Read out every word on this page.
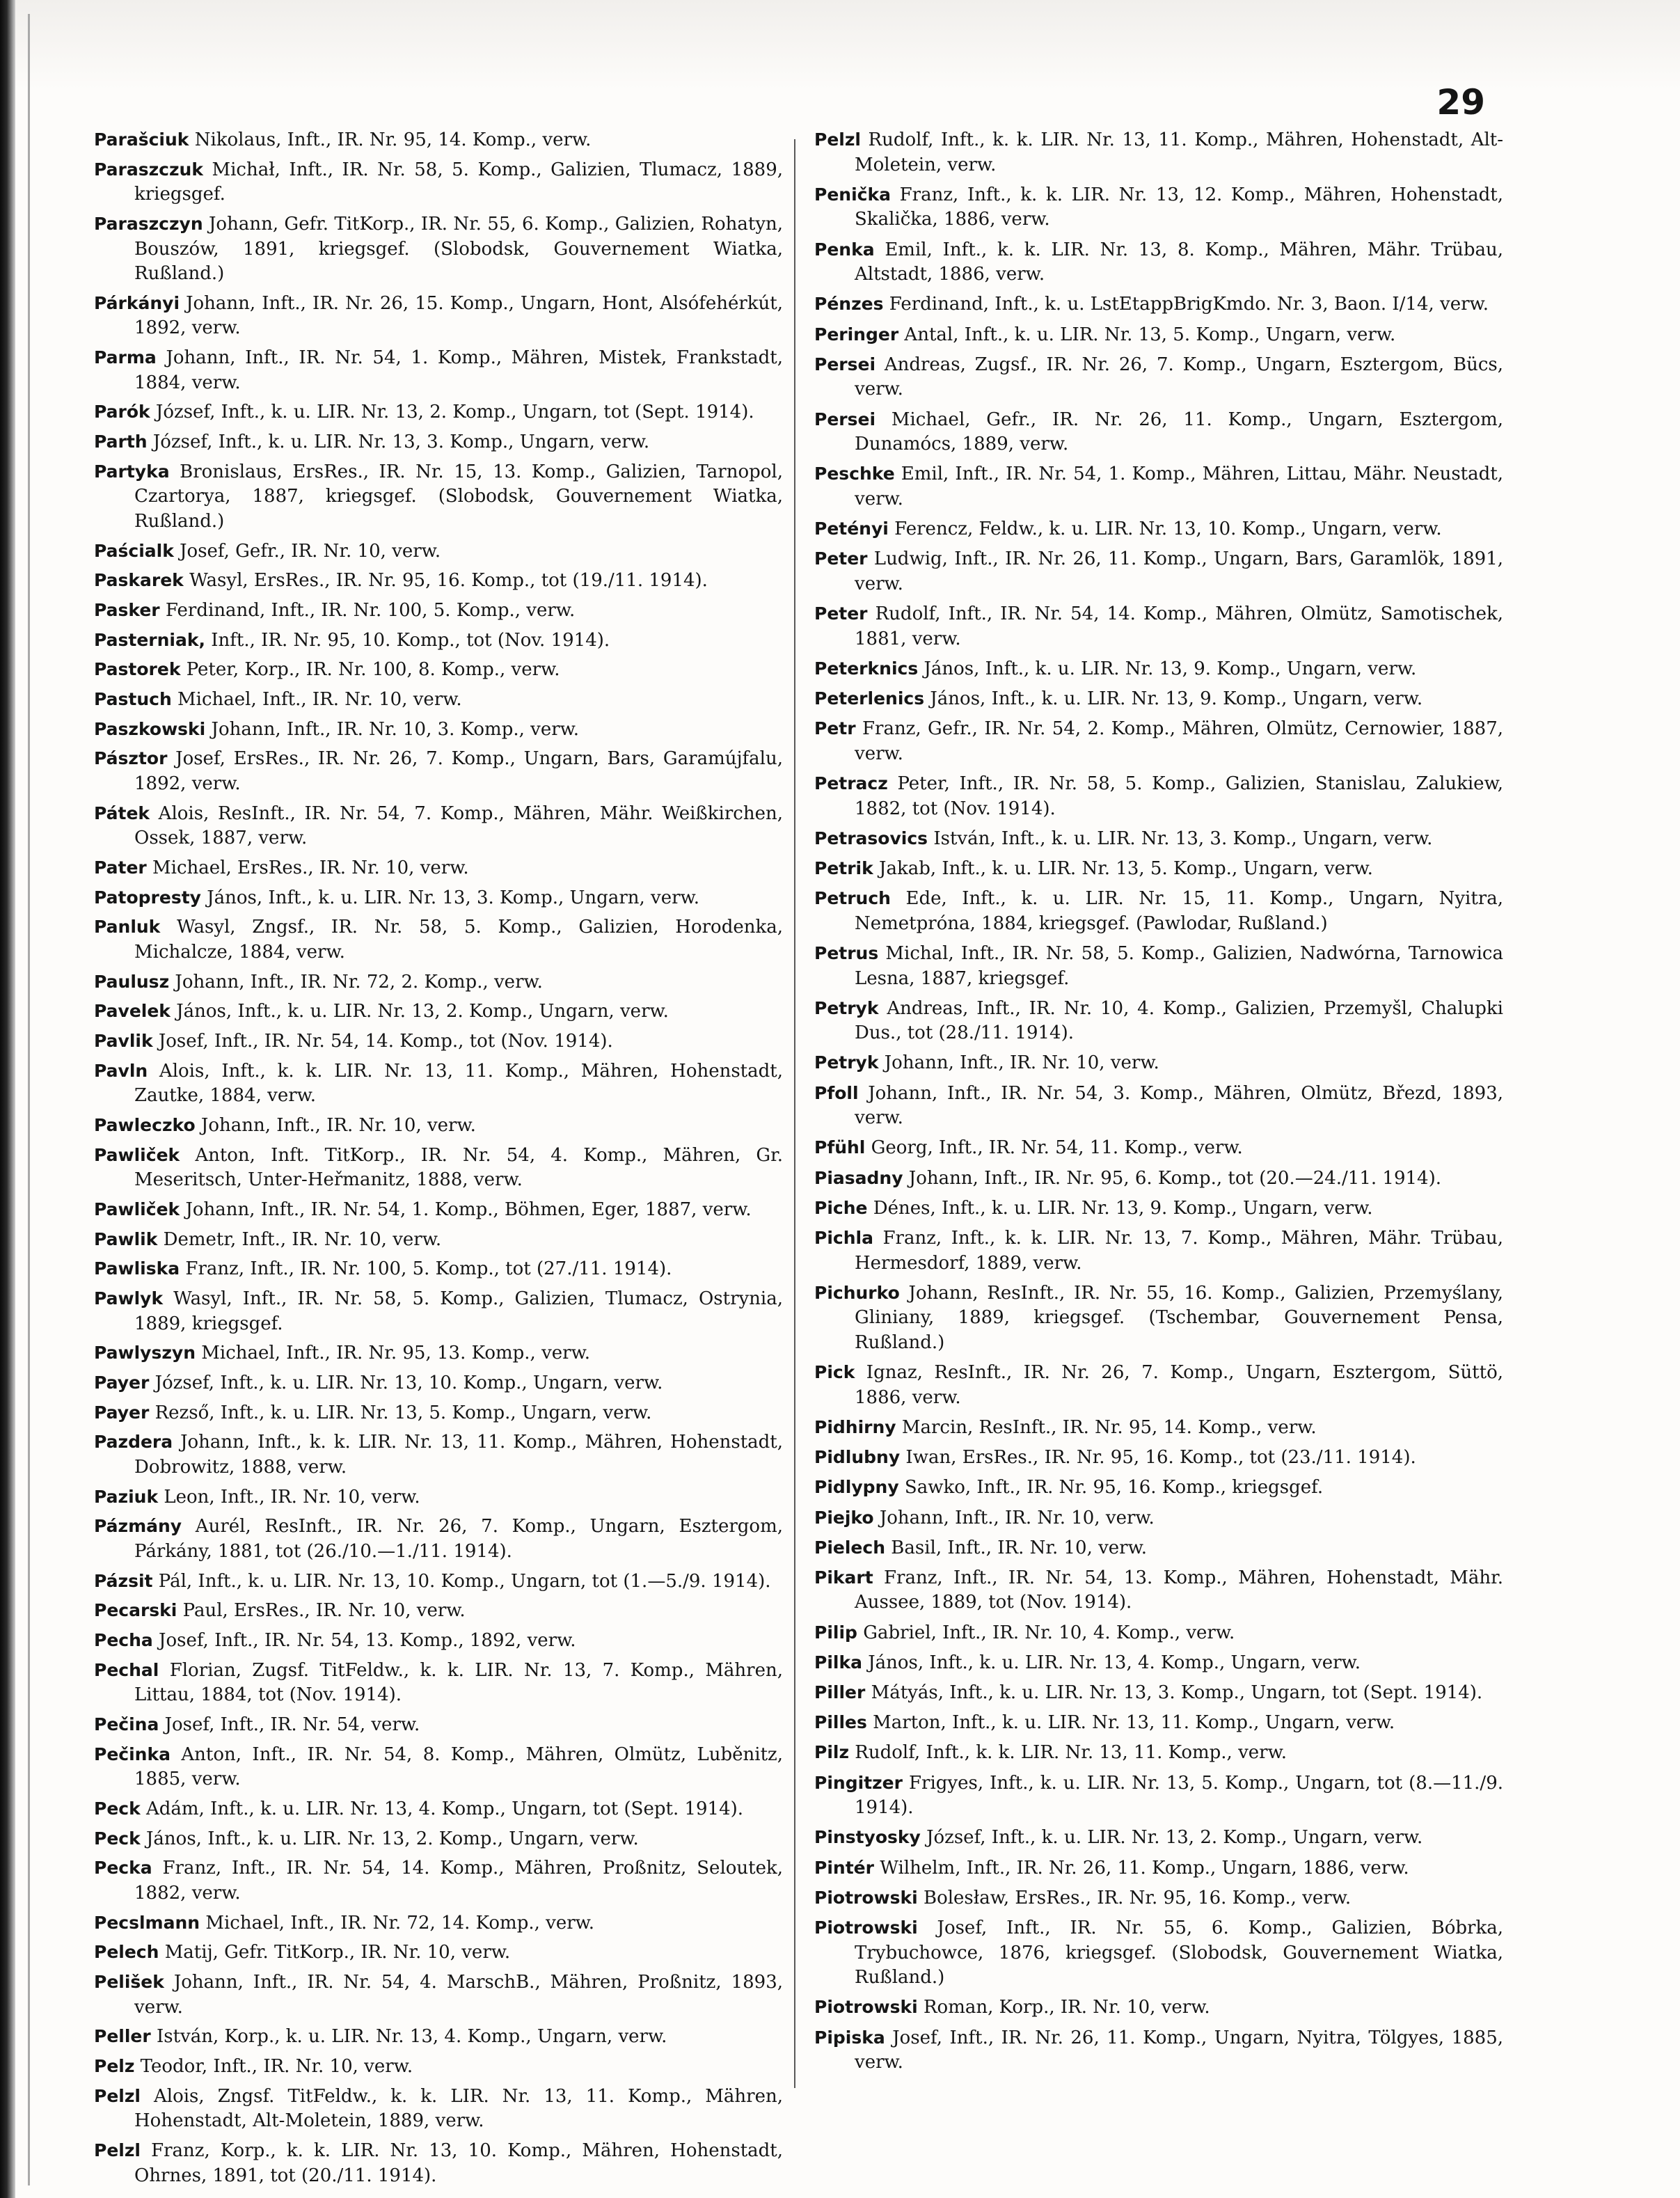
29

Parašciuk Nikolaus, Inft., IR. Nr. 95, 14. Komp., verw.

Paraszczuk Michał, Inft., IR. Nr. 58, 5. Komp., Galizien, Tlumacz, 1889, kriegsgef.

Paraszczyn Johann, Gefr. TitKorp., IR. Nr. 55, 6. Komp., Galizien, Rohatyn, Bouszów, 1891, kriegsgef. (Slobodsk, Gouvernement Wiatka, Rußland.)

Párkányi Johann, Inft., IR. Nr. 26, 15. Komp., Ungarn, Hont, Alsófehérkút, 1892, verw.

Parma Johann, Inft., IR. Nr. 54, 1. Komp., Mähren, Mistek, Frankstadt, 1884, verw.

Parók József, Inft., k. u. LIR. Nr. 13, 2. Komp., Ungarn, tot (Sept. 1914).

Parth József, Inft., k. u. LIR. Nr. 13, 3. Komp., Ungarn, verw.

Partyka Bronislaus, ErsRes., IR. Nr. 15, 13. Komp., Galizien, Tarnopol, Czartorya, 1887, kriegsgef. (Slobodsk, Gouvernement Wiatka, Rußland.)

Paścialk Josef, Gefr., IR. Nr. 10, verw.

Paskarek Wasyl, ErsRes., IR. Nr. 95, 16. Komp., tot (19./11. 1914).

Pasker Ferdinand, Inft., IR. Nr. 100, 5. Komp., verw.

Pasterniak, Inft., IR. Nr. 95, 10. Komp., tot (Nov. 1914).

Pastorek Peter, Korp., IR. Nr. 100, 8. Komp., verw.

Pastuch Michael, Inft., IR. Nr. 10, verw.

Paszkowski Johann, Inft., IR. Nr. 10, 3. Komp., verw.

Pásztor Josef, ErsRes., IR. Nr. 26, 7. Komp., Ungarn, Bars, Garamújfalu, 1892, verw.

Pátek Alois, ResInft., IR. Nr. 54, 7. Komp., Mähren, Mähr. Weißkirchen, Ossek, 1887, verw.

Pater Michael, ErsRes., IR. Nr. 10, verw.

Patopresty János, Inft., k. u. LIR. Nr. 13, 3. Komp., Ungarn, verw.

Panluk Wasyl, Zngsf., IR. Nr. 58, 5. Komp., Galizien, Horodenka, Michalcze, 1884, verw.

Paulusz Johann, Inft., IR. Nr. 72, 2. Komp., verw.

Pavelek János, Inft., k. u. LIR. Nr. 13, 2. Komp., Ungarn, verw.

Pavlik Josef, Inft., IR. Nr. 54, 14. Komp., tot (Nov. 1914).

Pavln Alois, Inft., k. k. LIR. Nr. 13, 11. Komp., Mähren, Hohenstadt, Zautke, 1884, verw.

Pawleczko Johann, Inft., IR. Nr. 10, verw.

Pawliček Anton, Inft. TitKorp., IR. Nr. 54, 4. Komp., Mähren, Gr. Meseritsch, Unter-Heřmanitz, 1888, verw.

Pawliček Johann, Inft., IR. Nr. 54, 1. Komp., Böhmen, Eger, 1887, verw.

Pawlik Demetr, Inft., IR. Nr. 10, verw.

Pawliska Franz, Inft., IR. Nr. 100, 5. Komp., tot (27./11. 1914).

Pawlyk Wasyl, Inft., IR. Nr. 58, 5. Komp., Galizien, Tlumacz, Ostrynia, 1889, kriegsgef.

Pawlyszyn Michael, Inft., IR. Nr. 95, 13. Komp., verw.

Payer József, Inft., k. u. LIR. Nr. 13, 10. Komp., Ungarn, verw.

Payer Rezső, Inft., k. u. LIR. Nr. 13, 5. Komp., Ungarn, verw.

Pazdera Johann, Inft., k. k. LIR. Nr. 13, 11. Komp., Mähren, Hohenstadt, Dobrowitz, 1888, verw.

Paziuk Leon, Inft., IR. Nr. 10, verw.

Pázmány Aurél, ResInft., IR. Nr. 26, 7. Komp., Ungarn, Esztergom, Párkány, 1881, tot (26./10.—1./11. 1914).

Pázsit Pál, Inft., k. u. LIR. Nr. 13, 10. Komp., Ungarn, tot (1.—5./9. 1914).

Pecarski Paul, ErsRes., IR. Nr. 10, verw.

Pecha Josef, Inft., IR. Nr. 54, 13. Komp., 1892, verw.

Pechal Florian, Zugsf. TitFeldw., k. k. LIR. Nr. 13, 7. Komp., Mähren, Littau, 1884, tot (Nov. 1914).

Pečina Josef, Inft., IR. Nr. 54, verw.

Pečinka Anton, Inft., IR. Nr. 54, 8. Komp., Mähren, Olmütz, Luběnitz, 1885, verw.

Peck Adám, Inft., k. u. LIR. Nr. 13, 4. Komp., Ungarn, tot (Sept. 1914).

Peck János, Inft., k. u. LIR. Nr. 13, 2. Komp., Ungarn, verw.

Pecka Franz, Inft., IR. Nr. 54, 14. Komp., Mähren, Proßnitz, Seloutek, 1882, verw.

Pecslmann Michael, Inft., IR. Nr. 72, 14. Komp., verw.

Pelech Matij, Gefr. TitKorp., IR. Nr. 10, verw.

Pelišek Johann, Inft., IR. Nr. 54, 4. MarschB., Mähren, Proßnitz, 1893, verw.

Peller István, Korp., k. u. LIR. Nr. 13, 4. Komp., Ungarn, verw.

Pelz Teodor, Inft., IR. Nr. 10, verw.

Pelzl Alois, Zngsf. TitFeldw., k. k. LIR. Nr. 13, 11. Komp., Mähren, Hohenstadt, Alt-Moletein, 1889, verw.

Pelzl Franz, Korp., k. k. LIR. Nr. 13, 10. Komp., Mähren, Hohenstadt, Ohrnes, 1891, tot (20./11. 1914).

Pelzl Rudolf, Inft., k. k. LIR. Nr. 13, 11. Komp., Mähren, Hohenstadt, Alt-Moletein, verw.

Penička Franz, Inft., k. k. LIR. Nr. 13, 12. Komp., Mähren, Hohenstadt, Skalička, 1886, verw.

Penka Emil, Inft., k. k. LIR. Nr. 13, 8. Komp., Mähren, Mähr. Trübau, Altstadt, 1886, verw.

Pénzes Ferdinand, Inft., k. u. LstEtappBrigKmdo. Nr. 3, Baon. I/14, verw.

Peringer Antal, Inft., k. u. LIR. Nr. 13, 5. Komp., Ungarn, verw.

Persei Andreas, Zugsf., IR. Nr. 26, 7. Komp., Ungarn, Esztergom, Bücs, verw.

Persei Michael, Gefr., IR. Nr. 26, 11. Komp., Ungarn, Esztergom, Dunamócs, 1889, verw.

Peschke Emil, Inft., IR. Nr. 54, 1. Komp., Mähren, Littau, Mähr. Neustadt, verw.

Petényi Ferencz, Feldw., k. u. LIR. Nr. 13, 10. Komp., Ungarn, verw.

Peter Ludwig, Inft., IR. Nr. 26, 11. Komp., Ungarn, Bars, Garamlök, 1891, verw.

Peter Rudolf, Inft., IR. Nr. 54, 14. Komp., Mähren, Olmütz, Samotischek, 1881, verw.

Peterknics János, Inft., k. u. LIR. Nr. 13, 9. Komp., Ungarn, verw.

Peterlenics János, Inft., k. u. LIR. Nr. 13, 9. Komp., Ungarn, verw.

Petr Franz, Gefr., IR. Nr. 54, 2. Komp., Mähren, Olmütz, Cernowier, 1887, verw.

Petracz Peter, Inft., IR. Nr. 58, 5. Komp., Galizien, Stanislau, Zalukiew, 1882, tot (Nov. 1914).

Petrasovics István, Inft., k. u. LIR. Nr. 13, 3. Komp., Ungarn, verw.

Petrik Jakab, Inft., k. u. LIR. Nr. 13, 5. Komp., Ungarn, verw.

Petruch Ede, Inft., k. u. LIR. Nr. 15, 11. Komp., Ungarn, Nyitra, Nemetpróna, 1884, kriegsgef. (Pawlodar, Rußland.)

Petrus Michal, Inft., IR. Nr. 58, 5. Komp., Galizien, Nadwórna, Tarnowica Lesna, 1887, kriegsgef.

Petryk Andreas, Inft., IR. Nr. 10, 4. Komp., Galizien, Przemyšl, Chalupki Dus., tot (28./11. 1914).

Petryk Johann, Inft., IR. Nr. 10, verw.

Pfoll Johann, Inft., IR. Nr. 54, 3. Komp., Mähren, Olmütz, Březd, 1893, verw.

Pfühl Georg, Inft., IR. Nr. 54, 11. Komp., verw.

Piasadny Johann, Inft., IR. Nr. 95, 6. Komp., tot (20.—24./11. 1914).

Piche Dénes, Inft., k. u. LIR. Nr. 13, 9. Komp., Ungarn, verw.

Pichla Franz, Inft., k. k. LIR. Nr. 13, 7. Komp., Mähren, Mähr. Trübau, Hermesdorf, 1889, verw.

Pichurko Johann, ResInft., IR. Nr. 55, 16. Komp., Galizien, Przemyślany, Gliniany, 1889, kriegsgef. (Tschembar, Gouvernement Pensa, Rußland.)

Pick Ignaz, ResInft., IR. Nr. 26, 7. Komp., Ungarn, Esztergom, Süttö, 1886, verw.

Pidhirny Marcin, ResInft., IR. Nr. 95, 14. Komp., verw.

Pidlubny Iwan, ErsRes., IR. Nr. 95, 16. Komp., tot (23./11. 1914).

Pidlypny Sawko, Inft., IR. Nr. 95, 16. Komp., kriegsgef.

Piejko Johann, Inft., IR. Nr. 10, verw.

Pielech Basil, Inft., IR. Nr. 10, verw.

Pikart Franz, Inft., IR. Nr. 54, 13. Komp., Mähren, Hohenstadt, Mähr. Aussee, 1889, tot (Nov. 1914).

Pilip Gabriel, Inft., IR. Nr. 10, 4. Komp., verw.

Pilka János, Inft., k. u. LIR. Nr. 13, 4. Komp., Ungarn, verw.

Piller Mátyás, Inft., k. u. LIR. Nr. 13, 3. Komp., Ungarn, tot (Sept. 1914).

Pilles Marton, Inft., k. u. LIR. Nr. 13, 11. Komp., Ungarn, verw.

Pilz Rudolf, Inft., k. k. LIR. Nr. 13, 11. Komp., verw.

Pingitzer Frigyes, Inft., k. u. LIR. Nr. 13, 5. Komp., Ungarn, tot (8.—11./9. 1914).

Pinstyosky József, Inft., k. u. LIR. Nr. 13, 2. Komp., Ungarn, verw.

Pintér Wilhelm, Inft., IR. Nr. 26, 11. Komp., Ungarn, 1886, verw.

Piotrowski Bolesław, ErsRes., IR. Nr. 95, 16. Komp., verw.

Piotrowski Josef, Inft., IR. Nr. 55, 6. Komp., Galizien, Bóbrka, Trybuchowce, 1876, kriegsgef. (Slobodsk, Gouvernement Wiatka, Rußland.)

Piotrowski Roman, Korp., IR. Nr. 10, verw.

Pipiska Josef, Inft., IR. Nr. 26, 11. Komp., Ungarn, Nyitra, Tölgyes, 1885, verw.
